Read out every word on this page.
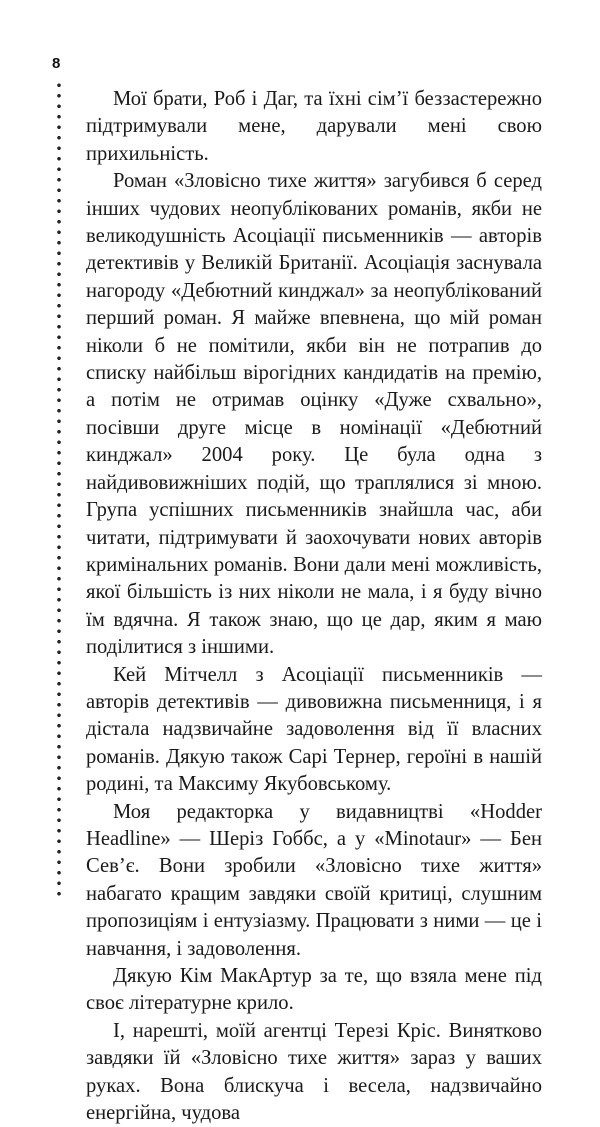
8

Мої брати, Роб і Даг, та їхні сім’ї беззастережно підтримували мене, дарували мені свою прихильність.

Роман «Зловісно тихе життя» загубився б серед інших чудових неопублікованих романів, якби не великодушність Асоціації письменників — авторів детективів у Великій Британії. Асоціація заснувала нагороду «Дебютний кинджал» за неопублікований перший роман. Я майже впевнена, що мій роман ніколи б не помітили, якби він не потрапив до списку найбільш вірогідних кандидатів на премію, а потім не отримав оцінку «Дуже схвально», посівши друге місце в номінації «Дебютний кинджал» 2004 року. Це була одна з найдивовижніших подій, що траплялися зі мною. Група успішних письменників знайшла час, аби читати, підтримувати й заохочувати нових авторів кримінальних романів. Вони дали мені можливість, якої більшість із них ніколи не мала, і я буду вічно їм вдячна. Я також знаю, що це дар, яким я маю поділитися з іншими.

Кей Мітчелл з Асоціації письменників — авторів детективів — дивовижна письменниця, і я дістала надзвичайне задоволення від її власних романів. Дякую також Сарі Тернер, героїні в нашій родині, та Максиму Якубовському.

Моя редакторка у видавництві «Hodder Headline» — Шеріз Гоббс, а у «Minotaur» — Бен Сев’є. Вони зробили «Зловісно тихе життя» набагато кращим завдяки своїй критиці, слушним пропозиціям і ентузіазму. Працювати з ними — це і навчання, і задоволення.

Дякую Кім МакАртур за те, що взяла мене під своє літературне крило.

І, нарешті, моїй агентці Терезі Кріс. Винятково завдяки їй «Зловісно тихе життя» зараз у ваших руках. Вона блискуча і весела, надзвичайно енергійна, чудова
